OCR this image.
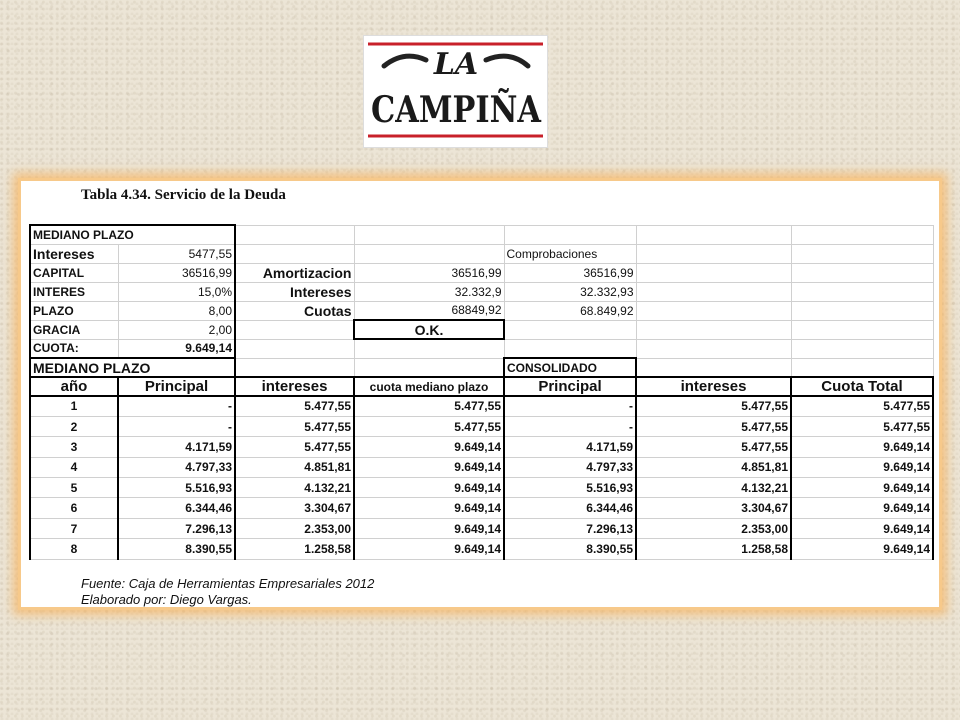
LA
CAMPIÑA
Tabla 4.34. Servicio de la Deuda
MEDIANO PLAZO						
Intereses	5477,55			Comprobaciones		
CAPITAL	36516,99	Amortizacion	36516,99	36516,99		
INTERES	15,0%	Intereses	32.332,9	32.332,93		
PLAZO	8,00	Cuotas	68849,92	68.849,92		
GRACIA	2,00		O.K.			
CUOTA:	9.649,14					
MEDIANO PLAZO				CONSOLIDADO		
año	Principal	intereses	cuota mediano plazo	Principal	intereses	Cuota Total
1	-	5.477,55	5.477,55	-	5.477,55	5.477,55
2	-	5.477,55	5.477,55	-	5.477,55	5.477,55
3	4.171,59	5.477,55	9.649,14	4.171,59	5.477,55	9.649,14
4	4.797,33	4.851,81	9.649,14	4.797,33	4.851,81	9.649,14
5	5.516,93	4.132,21	9.649,14	5.516,93	4.132,21	9.649,14
6	6.344,46	3.304,67	9.649,14	6.344,46	3.304,67	9.649,14
7	7.296,13	2.353,00	9.649,14	7.296,13	2.353,00	9.649,14
8	8.390,55	1.258,58	9.649,14	8.390,55	1.258,58	9.649,14
Fuente: Caja de Herramientas Empresariales 2012
Elaborado por: Diego Vargas.
